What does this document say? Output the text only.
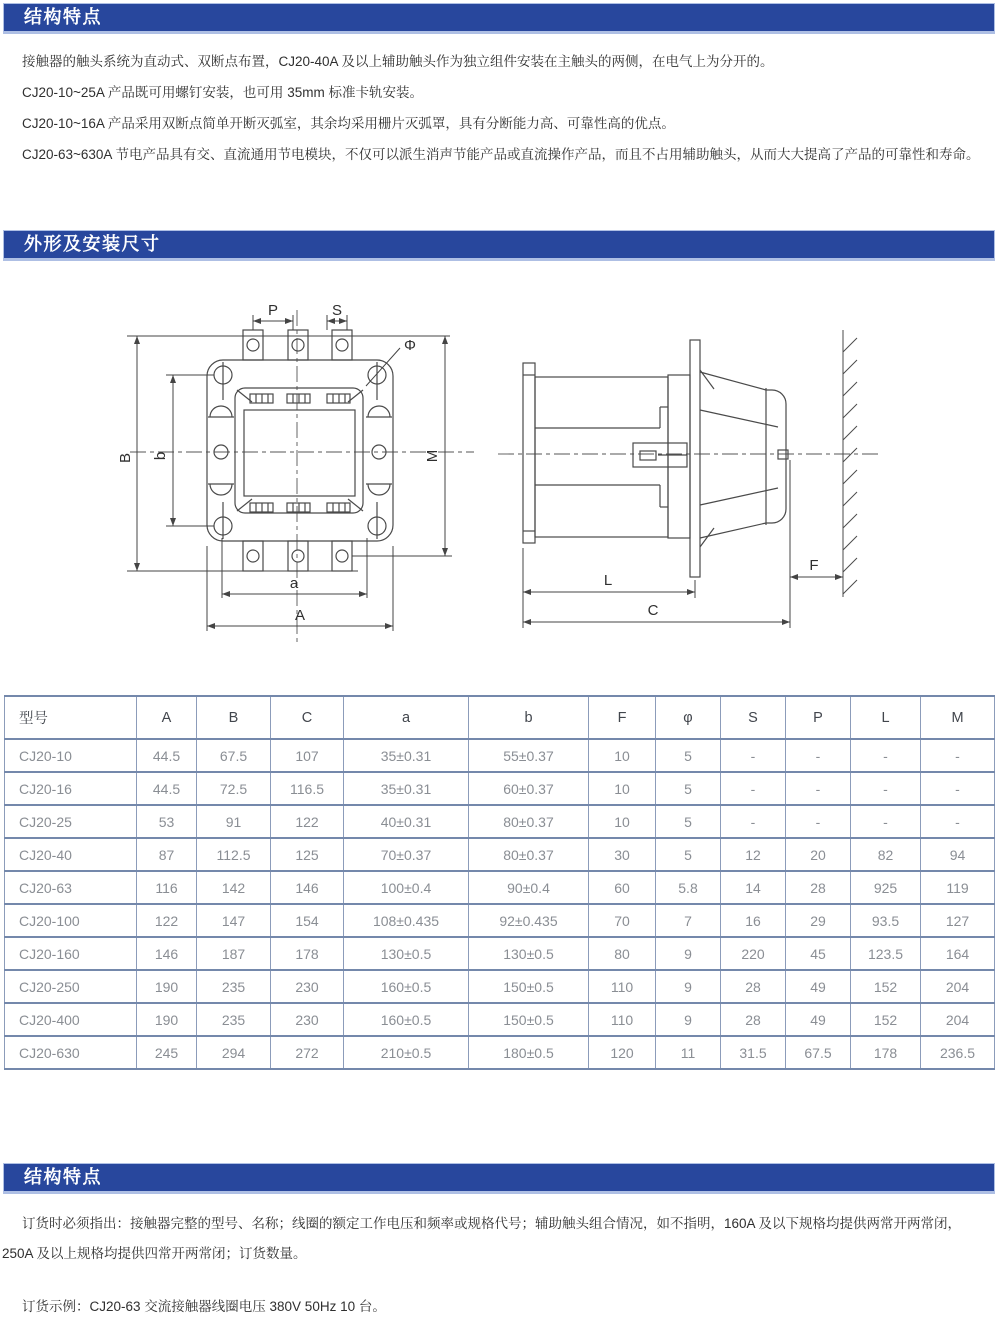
结构特点

接触器的触头系统为直动式、双断点布置，CJ20-40A 及以上辅助触头作为独立组件安装在主触头的两侧，在电气上为分开的。

CJ20-10~25A 产品既可用螺钉安装，也可用 35mm 标准卡轨安装。

CJ20-10~16A 产品采用双断点简单开断灭弧室，其余均采用栅片灭弧罩，具有分断能力高、可靠性高的优点。

CJ20-63~630A 节电产品具有交、直流通用节电模块，不仅可以派生消声节能产品或直流操作产品，而且不占用辅助触头，从而大大提高了产品的可靠性和寿命。

外形及安装尺寸
P	S
Φ
B b	M
a
A
L
C
F
型号	A	B	C	a	b	F	φ	S	P	L	M
CJ20-10	44.5	67.5	107	35±0.31	55±0.37	10	5	-	-	-	-
CJ20-16	44.5	72.5	116.5	35±0.31	60±0.37	10	5	-	-	-	-
CJ20-25	53	91	122	40±0.31	80±0.37	10	5	-	-	-	-
CJ20-40	87	112.5	125	70±0.37	80±0.37	30	5	12	20	82	94
CJ20-63	116	142	146	100±0.4	90±0.4	60	5.8	14	28	925	119
CJ20-100	122	147	154	108±0.435	92±0.435	70	7	16	29	93.5	127
CJ20-160	146	187	178	130±0.5	130±0.5	80	9	220	45	123.5	164
CJ20-250	190	235	230	160±0.5	150±0.5	110	9	28	49	152	204
CJ20-400	190	235	230	160±0.5	150±0.5	110	9	28	49	152	204
CJ20-630	245	294	272	210±0.5	180±0.5	120	11	31.5	67.5	178	236.5
结构特点

订货时必须指出：接触器完整的型号、名称；线圈的额定工作电压和频率或规格代号；辅助触头组合情况，如不指明，160A 及以下规格均提供两常开两常闭，250A 及以上规格均提供四常开两常闭；订货数量。

订货示例：CJ20-63 交流接触器线圈电压 380V 50Hz 10 台。
